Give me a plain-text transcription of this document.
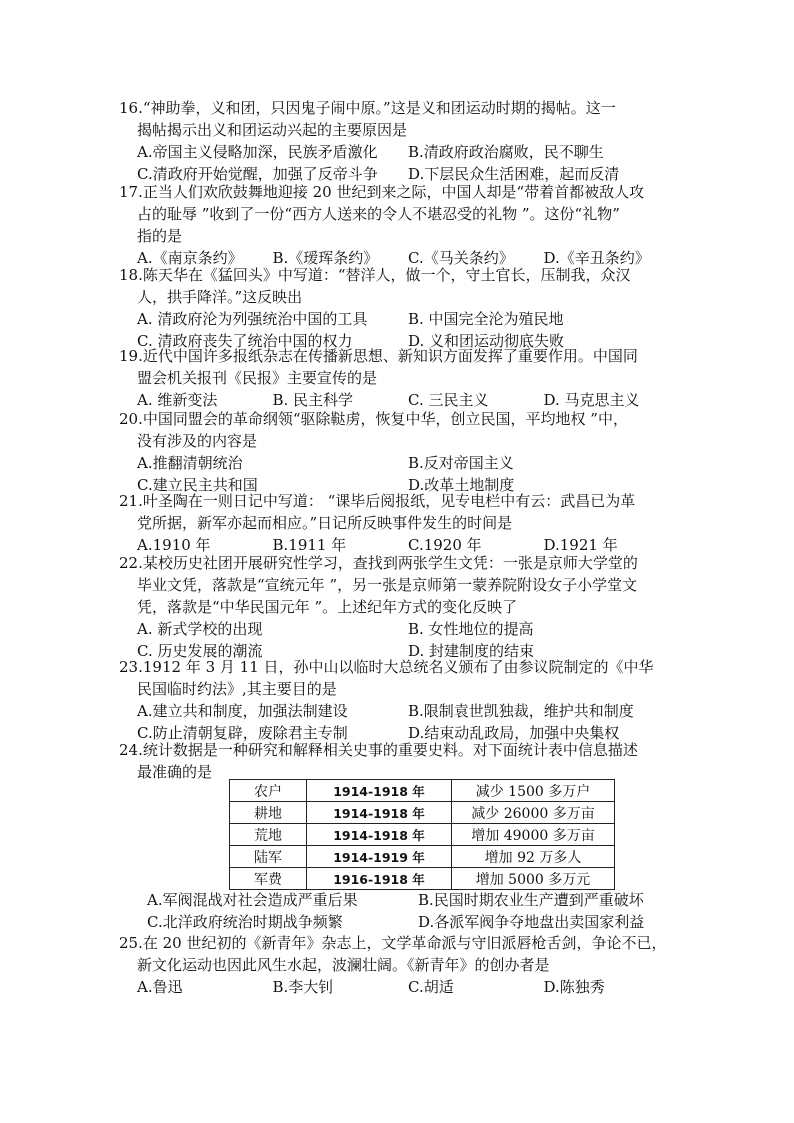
16.“神助拳，义和团，只因鬼子闹中原。”这是义和团运动时期的揭帖。这一
揭帖揭示出义和团运动兴起的主要原因是
A.帝国主义侵略加深，民族矛盾激化	B.清政府政治腐败，民不聊生
C.清政府开始觉醒，加强了反帝斗争	D.下层民众生活困难，起而反清
17.正当人们欢欣鼓舞地迎接 20 世纪到来之际，中国人却是“带着首都被敌人攻
占的耻辱 ”收到了一份“西方人送来的令人不堪忍受的礼物 ”。这份“礼物”
指的是
A.《南京条约》	B.《瑷珲条约》	C.《马关条约》	D.《辛丑条约》
18.陈天华在《猛回头》中写道：“替洋人，做一个，守土官长，压制我，众汉
人，拱手降洋。”这反映出
A. 清政府沦为列强统治中国的工具	B. 中国完全沦为殖民地
C. 清政府丧失了统治中国的权力	D. 义和团运动彻底失败
19.近代中国许多报纸杂志在传播新思想、新知识方面发挥了重要作用。中国同
盟会机关报刊《民报》主要宣传的是
A. 维新变法	B. 民主科学	C. 三民主义	D. 马克思主义
20.中国同盟会的革命纲领“驱除鞑虏，恢复中华，创立民国，平均地权 ”中，
没有涉及的内容是
A.推翻清朝统治	B.反对帝国主义
C.建立民主共和国	D.改革土地制度
21.叶圣陶在一则日记中写道： “课毕后阅报纸，见专电栏中有云：武昌已为革
党所据，新军亦起而相应。”日记所反映事件发生的时间是
A.1910 年	B.1911 年	C.1920 年	D.1921 年
22.某校历史社团开展研究性学习，查找到两张学生文凭：一张是京师大学堂的
毕业文凭，落款是“宣统元年 ”，另一张是京师第一蒙养院附设女子小学堂文
凭，落款是“中华民国元年 ”。上述纪年方式的变化反映了
A. 新式学校的出现	B. 女性地位的提高
C. 历史发展的潮流	D. 封建制度的结束
23.1912 年 3 月 11 日，孙中山以临时大总统名义颁布了由参议院制定的《中华
民国临时约法》,其主要目的是
A.建立共和制度，加强法制建设	B.限制袁世凯独裁，维护共和制度
C.防止清朝复辟，废除君主专制	D.结束动乱政局，加强中央集权
24.统计数据是一种研究和解释相关史事的重要史料。对下面统计表中信息描述
最准确的是
农户	1914-1918 年	减少 1500 多万户
耕地	1914-1918 年	减少 26000 多万亩
荒地	1914-1918 年	增加 49000 多万亩
陆军	1914-1919 年	增加 92 万多人
军费	1916-1918 年	增加 5000 多万元
A.军阀混战对社会造成严重后果	B.民国时期农业生产遭到严重破坏
C.北洋政府统治时期战争频繁	D.各派军阀争夺地盘出卖国家利益
25.在 20 世纪初的《新青年》杂志上，文学革命派与守旧派唇枪舌剑，争论不已，
新文化运动也因此风生水起，波澜壮阔。《新青年》的创办者是
A.鲁迅	B.李大钊	C.胡适	D.陈独秀
